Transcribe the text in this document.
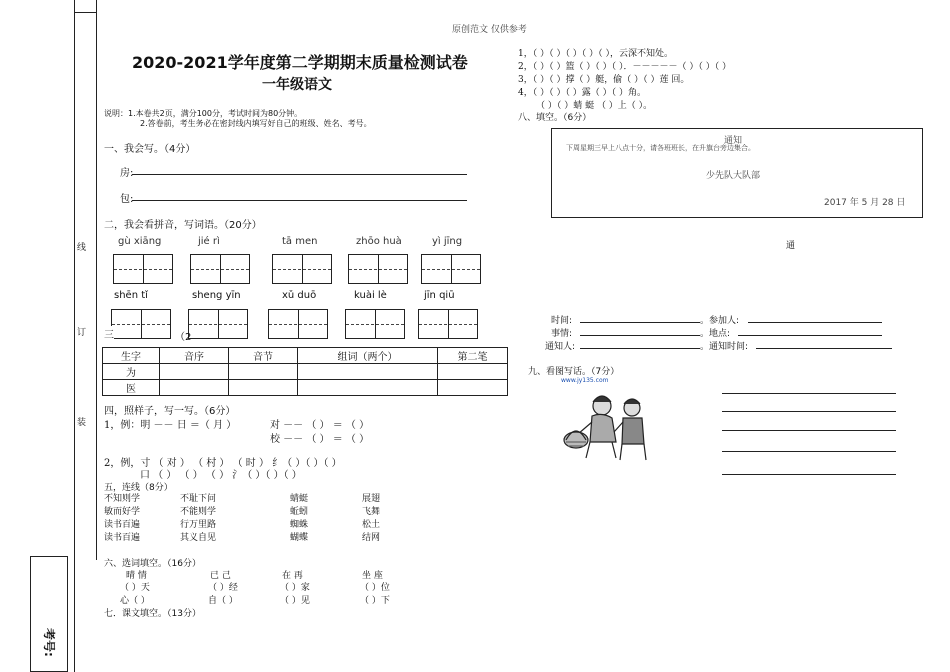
原创范文 仅供参考
线
订
装
考号:
2020-2021学年度第二学期期末质量检测试卷
一年级语文
说明：1.本卷共2页，满分100分，考试时间为80分钟。
2.答卷前，考生务必在密封线内填写好自己的班级、姓名、考号。
一、我会写。（4分）
房:
包:
二，我会看拼音，写词语。（20分）
gù xiāng	jié rì	tā men	zhōo huà	yì jīng
shēn tǐ	sheng yīn	xǔ duō	kuài lè	jīn qiū
三	（2
生字	音序	音节	组词（两个）	第二笔
为				
医				
四，照样子，写一写。（6分）
1，例：明 －－ 日 ＝（ 月 ）	对 －－ （ ） ＝ （ ）
校 －－ （ ） ＝ （ ）
2，例，寸 （ 对 ） （ 村 ） （ 时 ） 纟（ ）（ ）（ ）
口 （ ） （ ） （ ） 氵（ ）（ ）（ ）
五，连线（8分）
不知则学
敏而好学
读书百遍
读书百遍
不耻下问
不能则学
行万里路
其义自见
蜻蜓
蚯蚓
蜘蛛
蝴蝶
展翅
飞舞
松土
结网
六、选词填空。（16分）
晴 情	已 己	在 再	坐 座
（ ）天	（ ）经	（ ）家	（ ）位
心（ ）	自（ ）	（ ）见	（ ）下
七．课文填空。（13分）
1，（ ）（ ）（ ）（ ）（ ），云深不知处。
2，（ ）（ ）篮（ ）（ ）（ ）．－－－－－（ ）（ ）（ ）
3，（ ）（ ）撑（ ）艇，偷（ ）（ ）莲 回。
4，（ ）（ ）（ ）露（ ）（ ）角。
（ ）（ ）蜻 蜓 （ ）上（ ）。
八、填空。（6分）
通知
下周星期三早上八点十分，请各班班长，在升旗台旁边集合。
少先队大队部
2017 年 5 月 28 日
通
时间:	。参加人:
事情:	。地点:
通知人:	。通知时间:
九、看图写话。（7分）
www.jy135.com
